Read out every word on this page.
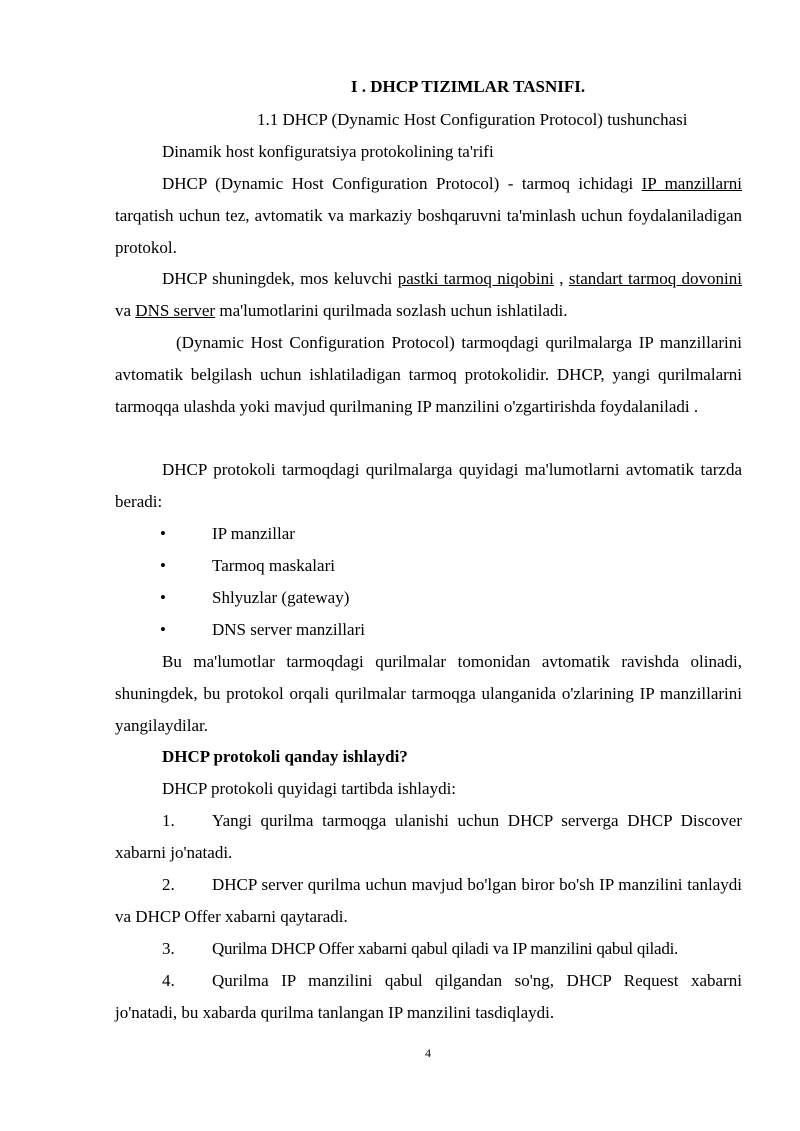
I . DHCP TIZIMLAR TASNIFI.
1.1 DHCP (Dynamic Host Configuration Protocol) tushunchasi

Dinamik host konfiguratsiya protokolining ta'rifi

DHCP (Dynamic Host Configuration Protocol) - tarmoq ichidagi IP manzillarni tarqatish uchun tez, avtomatik va markaziy boshqaruvni ta'minlash uchun foydalaniladigan protokol.

DHCP shuningdek, mos keluvchi pastki tarmoq niqobini , standart tarmoq dovonini va DNS server ma'lumotlarini qurilmada sozlash uchun ishlatiladi.

(Dynamic Host Configuration Protocol) tarmoqdagi qurilmalarga IP manzillarini avtomatik belgilash uchun ishlatiladigan tarmoq protokolidir. DHCP, yangi qurilmalarni tarmoqqa ulashda yoki mavjud qurilmaning IP manzilini o'zgartirishda foydalaniladi .

DHCP protokoli tarmoqdagi qurilmalarga quyidagi ma'lumotlarni avtomatik tarzda beradi:

•	IP manzillar
•	Tarmoq maskalari
•	Shlyuzlar (gateway)
•	DNS server manzillari

Bu ma'lumotlar tarmoqdagi qurilmalar tomonidan avtomatik ravishda olinadi, shuningdek, bu protokol orqali qurilmalar tarmoqga ulanganida o'zlarining IP manzillarini yangilaydilar.

DHCP protokoli qanday ishlaydi?

DHCP protokoli quyidagi tartibda ishlaydi:

1.	Yangi qurilma tarmoqga ulanishi uchun DHCP serverga DHCP Discover xabarni jo'natadi.

2.	DHCP server qurilma uchun mavjud bo'lgan biror bo'sh IP manzilini tanlaydi va DHCP Offer xabarni qaytaradi.

3.	Qurilma DHCP Offer xabarni qabul qiladi va IP manzilini qabul qiladi.

4.	Qurilma IP manzilini qabul qilgandan so'ng, DHCP Request xabarni jo'natadi, bu xabarda qurilma tanlangan IP manzilini tasdiqlaydi.

4
